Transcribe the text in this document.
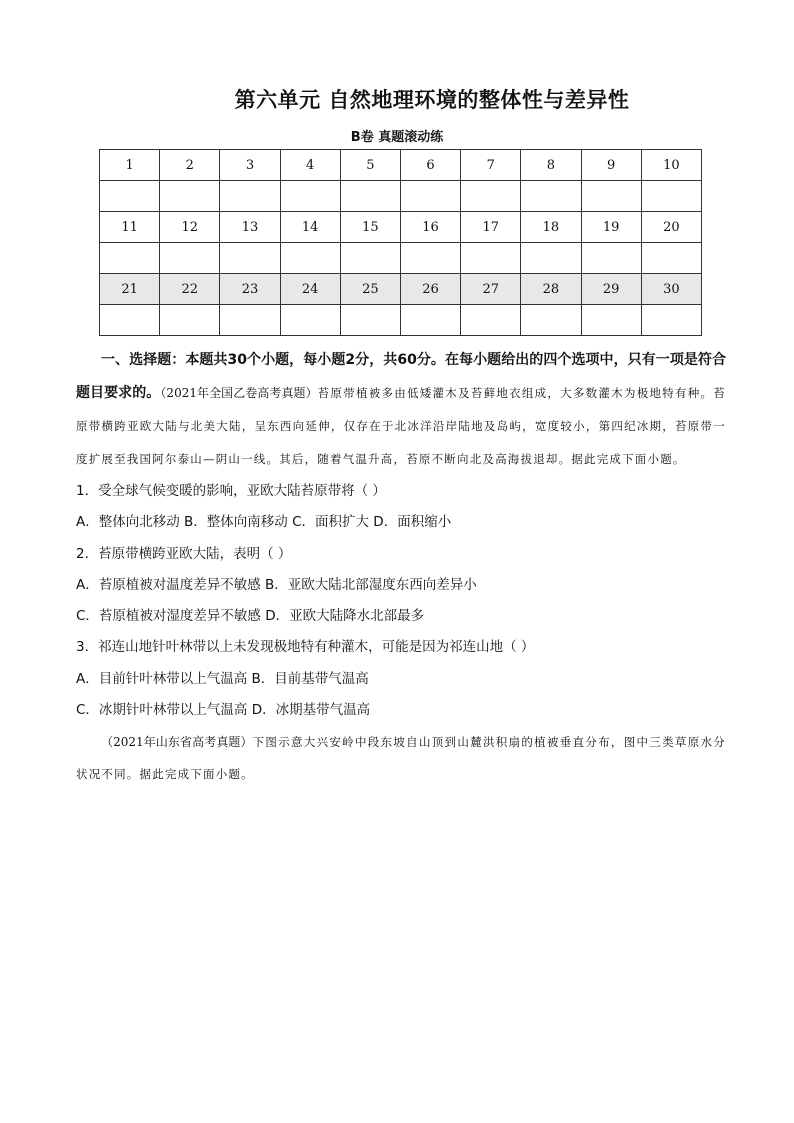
第六单元 自然地理环境的整体性与差异性
B卷 真题滚动练
1	2	3	4	5	6	7	8	9	10

11	12	13	14	15	16	17	18	19	20

21	22	23	24	25	26	27	28	29	30

一、选择题：本题共30个小题，每小题2分，共60分。在每小题给出的四个选项中，只有一项是符合题目要求的。（2021年全国乙卷高考真题）苔原带植被多由低矮灌木及苔藓地衣组成，大多数灌木为极地特有种。苔原带横跨亚欧大陆与北美大陆，呈东西向延伸，仅存在于北冰洋沿岸陆地及岛屿，宽度较小，第四纪冰期，苔原带一度扩展至我国阿尔泰山—阴山一线。其后，随着气温升高，苔原不断向北及高海拔退却。据此完成下面小题。

1．受全球气候变暖的影响，亚欧大陆苔原带将（ ）

A．整体向北移动 B．整体向南移动 C．面积扩大 D．面积缩小

2．苔原带横跨亚欧大陆，表明（ ）

A．苔原植被对温度差异不敏感 B．亚欧大陆北部湿度东西向差异小

C．苔原植被对湿度差异不敏感 D．亚欧大陆降水北部最多

3．祁连山地针叶林带以上未发现极地特有种灌木，可能是因为祁连山地（ ）

A．目前针叶林带以上气温高 B．目前基带气温高

C．冰期针叶林带以上气温高 D．冰期基带气温高

（2021年山东省高考真题）下图示意大兴安岭中段东坡自山顶到山麓洪积扇的植被垂直分布，图中三类草原水分状况不同。据此完成下面小题。
